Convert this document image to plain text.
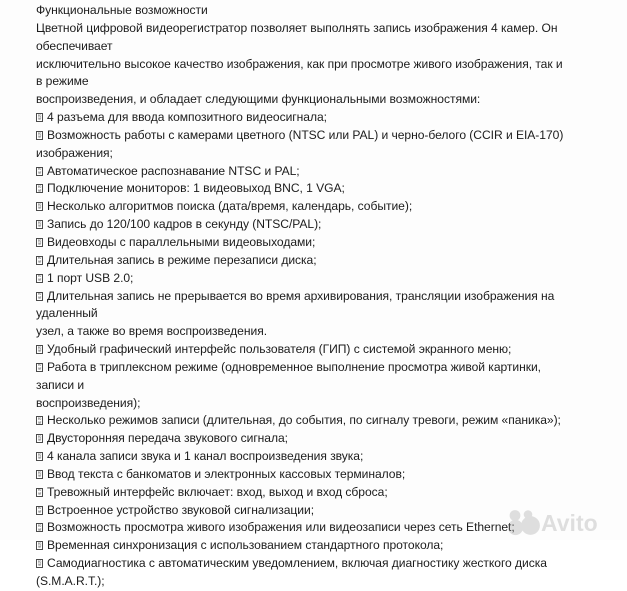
Функциональные возможности
Цветной цифровой видеорегистратор позволяет выполнять запись изображения 4 камер. Он
обеспечивает
исключительно высокое качество изображения, как при просмотре живого изображения, так и
в режиме
воспроизведения, и обладает следующими функциональными возможностями:
F0
9F 4 разъема для ввода композитного видеосигнала;
F0
9F Возможность работы с камерами цветного (NTSC или PAL) и черно-белого (CCIR и EIA-170)
изображения;
F0
9F Автоматическое распознавание NTSC и PAL;
F0
9F Подключение мониторов: 1 видеовыход BNC, 1 VGA;
F0
9F Несколько алгоритмов поиска (дата/время, календарь, событие);
F0
9F Запись до 120/100 кадров в секунду (NTSC/PAL);
F0
9F Видеовходы с параллельными видеовыходами;
F0
9F Длительная запись в режиме перезаписи диска;
F0
9F 1 порт USB 2.0;
F0
9F Длительная запись не прерывается во время архивирования, трансляции изображения на
удаленный
узел, а также во время воспроизведения.
F0
9F Удобный графический интерфейс пользователя (ГИП) с системой экранного меню;
F0
9F Работа в триплексном режиме (одновременное выполнение просмотра живой картинки,
записи и
воспроизведения);
F0
9F Несколько режимов записи (длительная, до события, по сигналу тревоги, режим «паника»);
F0
9F Двусторонняя передача звукового сигнала;
F0
9F 4 канала записи звука и 1 канал воспроизведения звука;
F0
9F Ввод текста с банкоматов и электронных кассовых терминалов;
F0
9F Тревожный интерфейс включает: вход, выход и вход сброса;
F0
9F Встроенное устройство звуковой сигнализации;
F0
9F Возможность просмотра живого изображения или видеозаписи через сеть Ethernet;
F0
9F Временная синхронизация с использованием стандартного протокола;
F0
9F Самодиагностика с автоматическим уведомлением, включая диагностику жесткого диска
(S.M.A.R.T.);
Avito
